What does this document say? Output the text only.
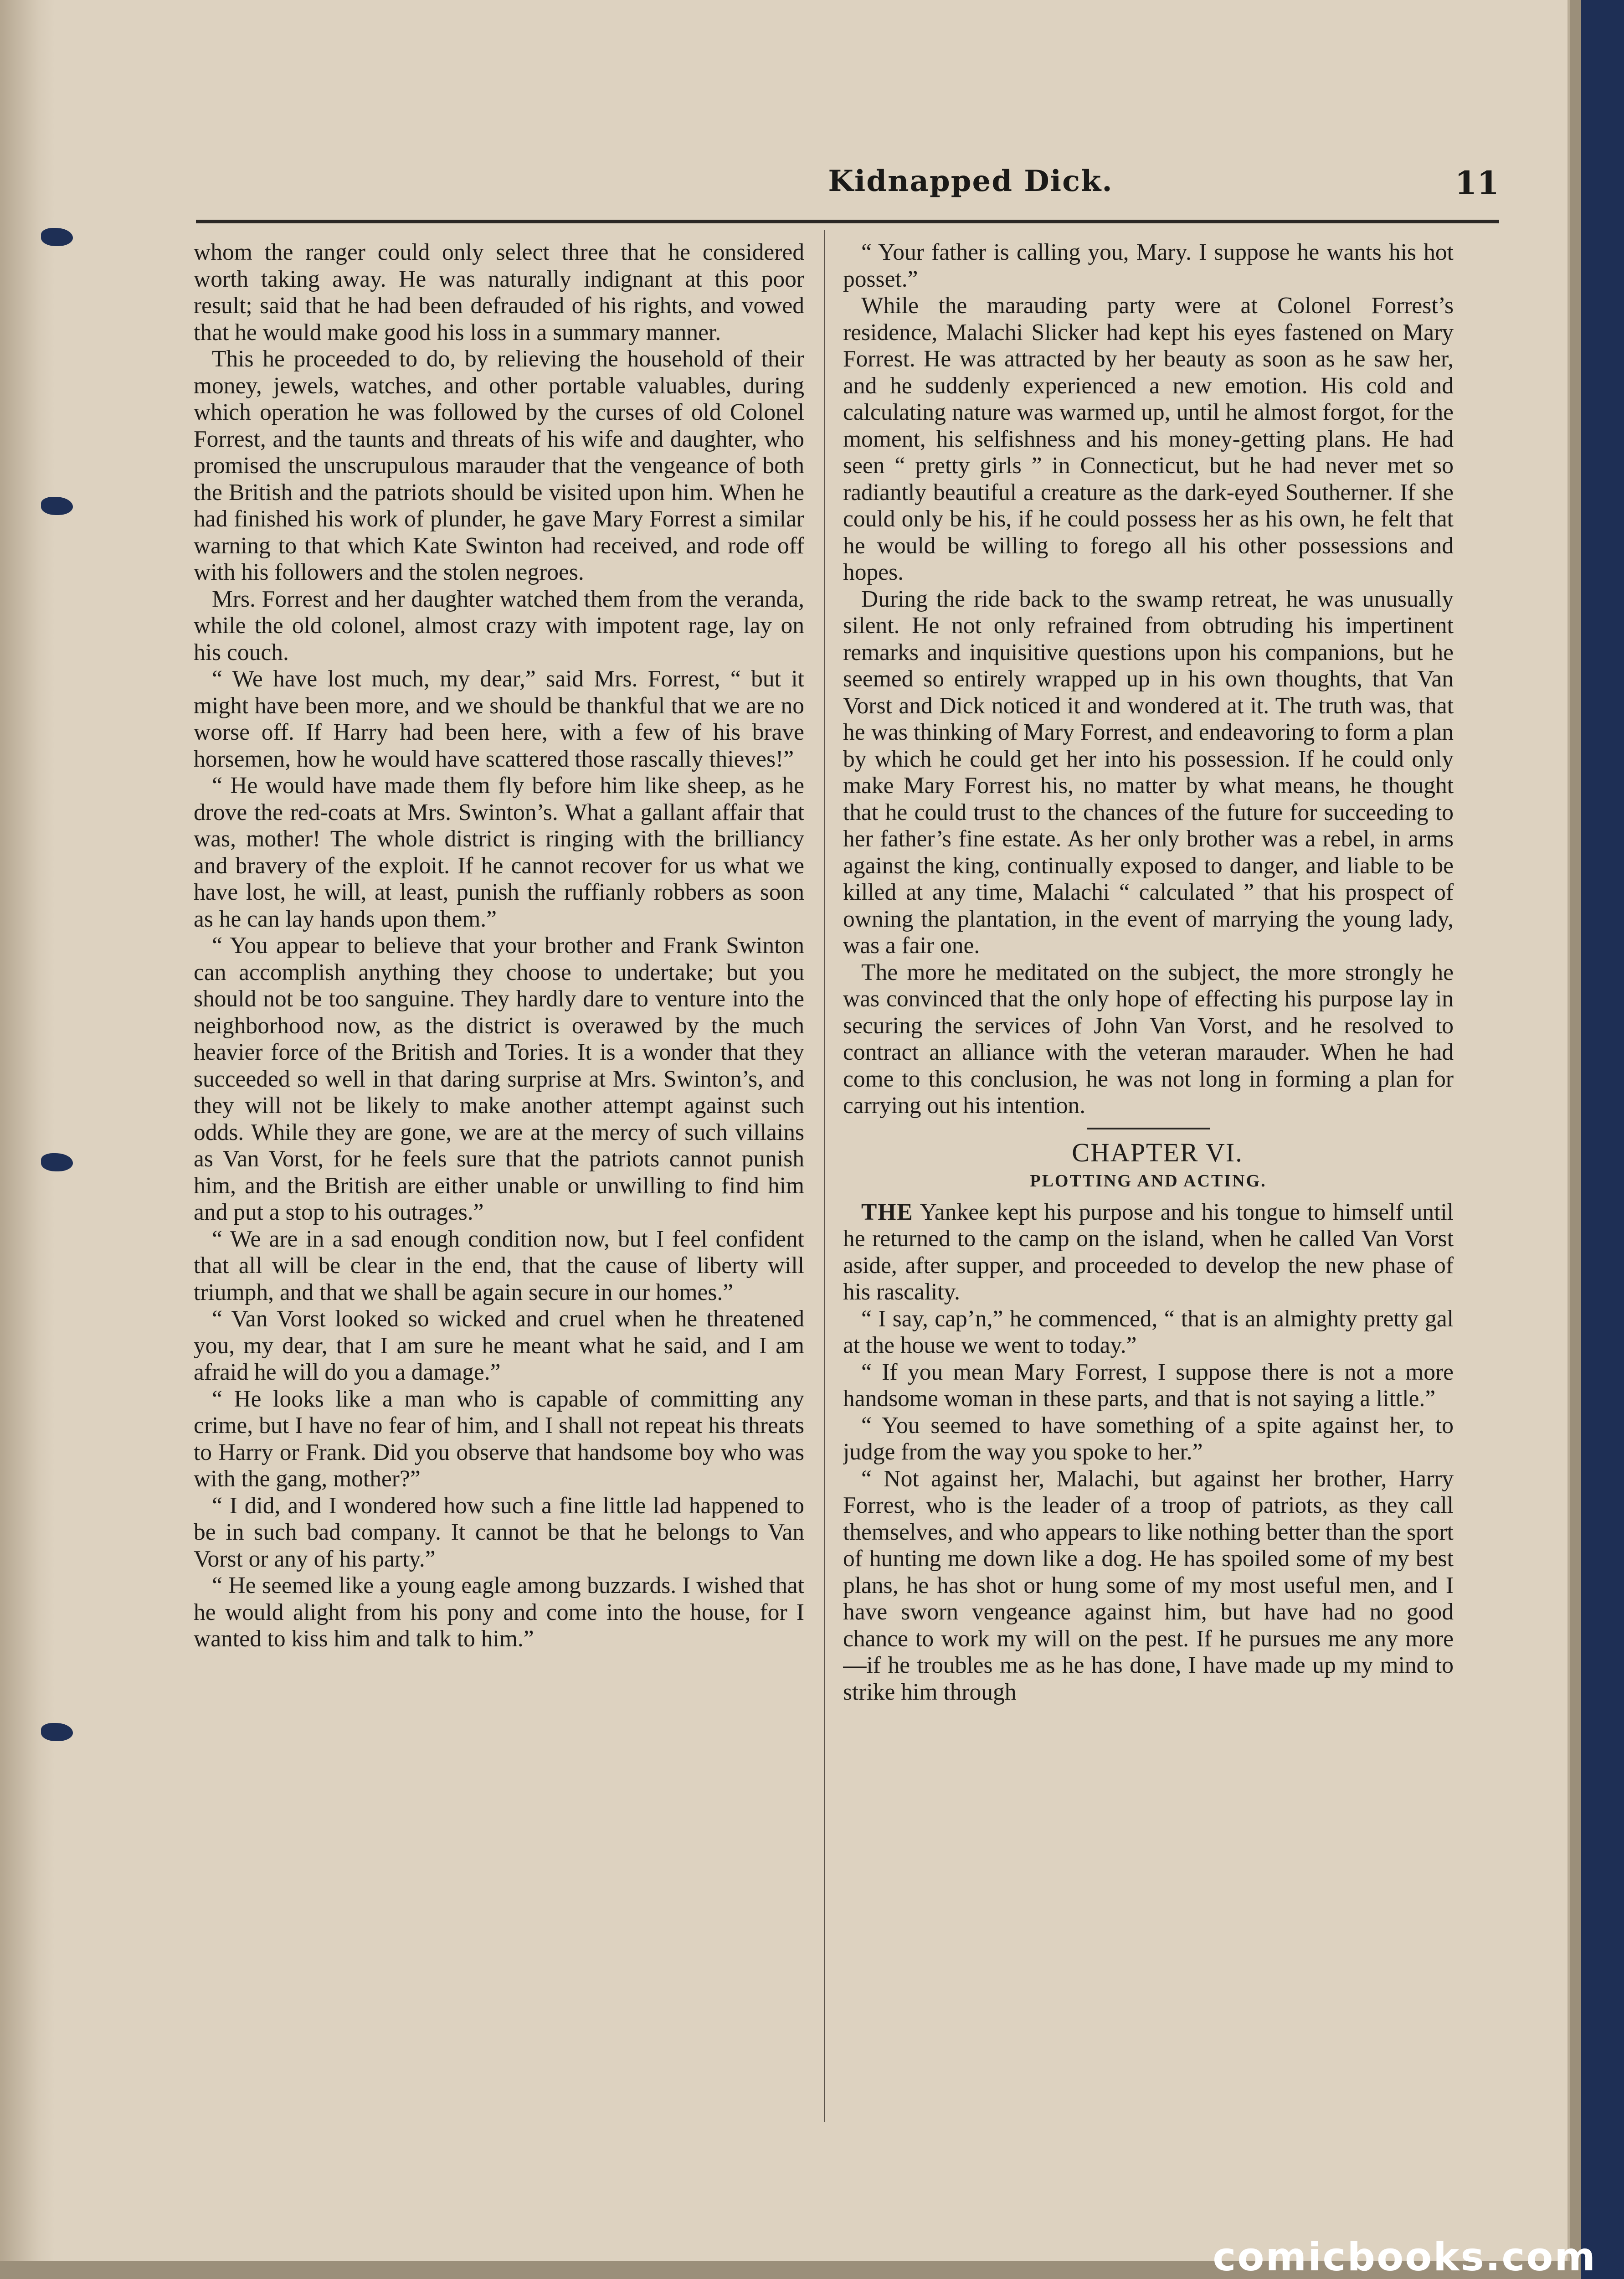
Kidnapped Dick.	11

whom the ranger could only select three that he considered worth taking away. He was naturally indignant at this poor result; said that he had been defrauded of his rights, and vowed that he would make good his loss in a summary manner.

This he proceeded to do, by relieving the household of their money, jewels, watches, and other portable valuables, during which operation he was followed by the curses of old Colonel Forrest, and the taunts and threats of his wife and daughter, who promised the unscrupulous marauder that the vengeance of both the British and the patriots should be visited upon him. When he had finished his work of plunder, he gave Mary Forrest a similar warning to that which Kate Swinton had received, and rode off with his followers and the stolen negroes.

Mrs. Forrest and her daughter watched them from the veranda, while the old colonel, almost crazy with impotent rage, lay on his couch.

“ We have lost much, my dear,” said Mrs. Forrest, “ but it might have been more, and we should be thankful that we are no worse off. If Harry had been here, with a few of his brave horsemen, how he would have scattered those rascally thieves!”

“ He would have made them fly before him like sheep, as he drove the red-coats at Mrs. Swinton’s. What a gallant affair that was, mother! The whole district is ringing with the brilliancy and bravery of the exploit. If he cannot recover for us what we have lost, he will, at least, punish the ruffianly robbers as soon as he can lay hands upon them.”

“ You appear to believe that your brother and Frank Swinton can accomplish anything they choose to undertake; but you should not be too sanguine. They hardly dare to venture into the neighborhood now, as the district is overawed by the much heavier force of the British and Tories. It is a wonder that they succeeded so well in that daring surprise at Mrs. Swinton’s, and they will not be likely to make another attempt against such odds. While they are gone, we are at the mercy of such villains as Van Vorst, for he feels sure that the patriots cannot punish him, and the British are either unable or unwilling to find him and put a stop to his outrages.”

“ We are in a sad enough condition now, but I feel confident that all will be clear in the end, that the cause of liberty will triumph, and that we shall be again secure in our homes.”

“ Van Vorst looked so wicked and cruel when he threatened you, my dear, that I am sure he meant what he said, and I am afraid he will do you a damage.”

“ He looks like a man who is capable of committing any crime, but I have no fear of him, and I shall not repeat his threats to Harry or Frank. Did you observe that handsome boy who was with the gang, mother?”

“ I did, and I wondered how such a fine little lad happened to be in such bad company. It cannot be that he belongs to Van Vorst or any of his party.”

“ He seemed like a young eagle among buzzards. I wished that he would alight from his pony and come into the house, for I wanted to kiss him and talk to him.”

“ Your father is calling you, Mary. I suppose he wants his hot posset.”

While the marauding party were at Colonel Forrest’s residence, Malachi Slicker had kept his eyes fastened on Mary Forrest. He was attracted by her beauty as soon as he saw her, and he suddenly experienced a new emotion. His cold and calculating nature was warmed up, until he almost forgot, for the moment, his selfishness and his money-getting plans. He had seen “ pretty girls ” in Connecticut, but he had never met so radiantly beautiful a creature as the dark-eyed Southerner. If she could only be his, if he could possess her as his own, he felt that he would be willing to forego all his other possessions and hopes.

During the ride back to the swamp retreat, he was unusually silent. He not only refrained from obtruding his impertinent remarks and inquisitive questions upon his companions, but he seemed so entirely wrapped up in his own thoughts, that Van Vorst and Dick noticed it and wondered at it. The truth was, that he was thinking of Mary Forrest, and endeavoring to form a plan by which he could get her into his possession. If he could only make Mary Forrest his, no matter by what means, he thought that he could trust to the chances of the future for succeeding to her father’s fine estate. As her only brother was a rebel, in arms against the king, continually exposed to danger, and liable to be killed at any time, Malachi “ calculated ” that his prospect of owning the plantation, in the event of marrying the young lady, was a fair one.

The more he meditated on the subject, the more strongly he was convinced that the only hope of effecting his purpose lay in securing the services of John Van Vorst, and he resolved to contract an alliance with the veteran marauder. When he had come to this conclusion, he was not long in forming a plan for carrying out his intention.

CHAPTER VI.

PLOTTING AND ACTING.

THE Yankee kept his purpose and his tongue to himself until he returned to the camp on the island, when he called Van Vorst aside, after supper, and proceeded to develop the new phase of his rascality.

“ I say, cap’n,” he commenced, “ that is an almighty pretty gal at the house we went to today.”

“ If you mean Mary Forrest, I suppose there is not a more handsome woman in these parts, and that is not saying a little.”

“ You seemed to have something of a spite against her, to judge from the way you spoke to her.”

“ Not against her, Malachi, but against her brother, Harry Forrest, who is the leader of a troop of patriots, as they call themselves, and who appears to like nothing better than the sport of hunting me down like a dog. He has spoiled some of my best plans, he has shot or hung some of my most useful men, and I have sworn vengeance against him, but have had no good chance to work my will on the pest. If he pursues me any more—if he troubles me as he has done, I have made up my mind to strike him through

comicbooks.com
